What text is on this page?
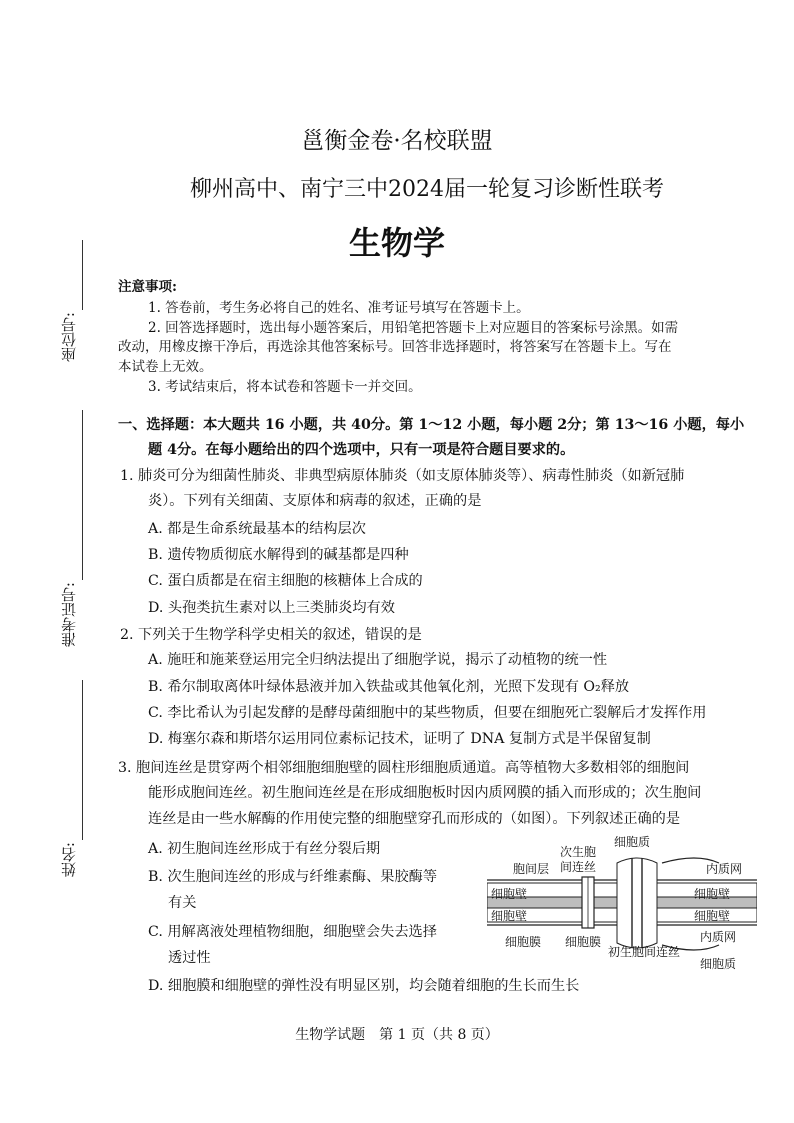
座位号:
准考证号:
姓名:
邕衡金卷·名校联盟
柳州高中、南宁三中2024届一轮复习诊断性联考
生物学
注意事项:
1. 答卷前，考生务必将自己的姓名、准考证号填写在答题卡上。
2. 回答选择题时，选出每小题答案后，用铅笔把答题卡上对应题目的答案标号涂黑。如需
改动，用橡皮擦干净后，再选涂其他答案标号。回答非选择题时，将答案写在答题卡上。写在
本试卷上无效。
3. 考试结束后，将本试卷和答题卡一并交回。
一、选择题：本大题共 16 小题，共 40分。第 1～12 小题，每小题 2分；第 13～16 小题，每小
题 4分。在每小题给出的四个选项中，只有一项是符合题目要求的。
1. 肺炎可分为细菌性肺炎、非典型病原体肺炎（如支原体肺炎等）、病毒性肺炎（如新冠肺
炎）。下列有关细菌、支原体和病毒的叙述，正确的是
A. 都是生命系统最基本的结构层次
B. 遗传物质彻底水解得到的碱基都是四种
C. 蛋白质都是在宿主细胞的核糖体上合成的
D. 头孢类抗生素对以上三类肺炎均有效
2. 下列关于生物学科学史相关的叙述，错误的是
A. 施旺和施莱登运用完全归纳法提出了细胞学说，揭示了动植物的统一性
B. 希尔制取离体叶绿体悬液并加入铁盐或其他氧化剂，光照下发现有 O₂释放
C. 李比希认为引起发酵的是酵母菌细胞中的某些物质，但要在细胞死亡裂解后才发挥作用
D. 梅塞尔森和斯塔尔运用同位素标记技术，证明了 DNA 复制方式是半保留复制
3. 胞间连丝是贯穿两个相邻细胞细胞壁的圆柱形细胞质通道。高等植物大多数相邻的细胞间
能形成胞间连丝。初生胞间连丝是在形成细胞板时因内质网膜的插入而形成的；次生胞间
连丝是由一些水解酶的作用使完整的细胞壁穿孔而形成的（如图）。下列叙述正确的是
A. 初生胞间连丝形成于有丝分裂后期
B. 次生胞间连丝的形成与纤维素酶、果胶酶等
有关
C. 用解离液处理植物细胞，细胞壁会失去选择
透过性
D. 细胞膜和细胞壁的弹性没有明显区别，均会随着细胞的生长而生长
细胞质
次生胞
间连丝
胞间层	内质网
细胞壁
细胞壁
细胞壁
细胞壁
细胞膜 细胞膜	内质网
初生胞间连丝
细胞质
生物学试题　第 1 页（共 8 页）
